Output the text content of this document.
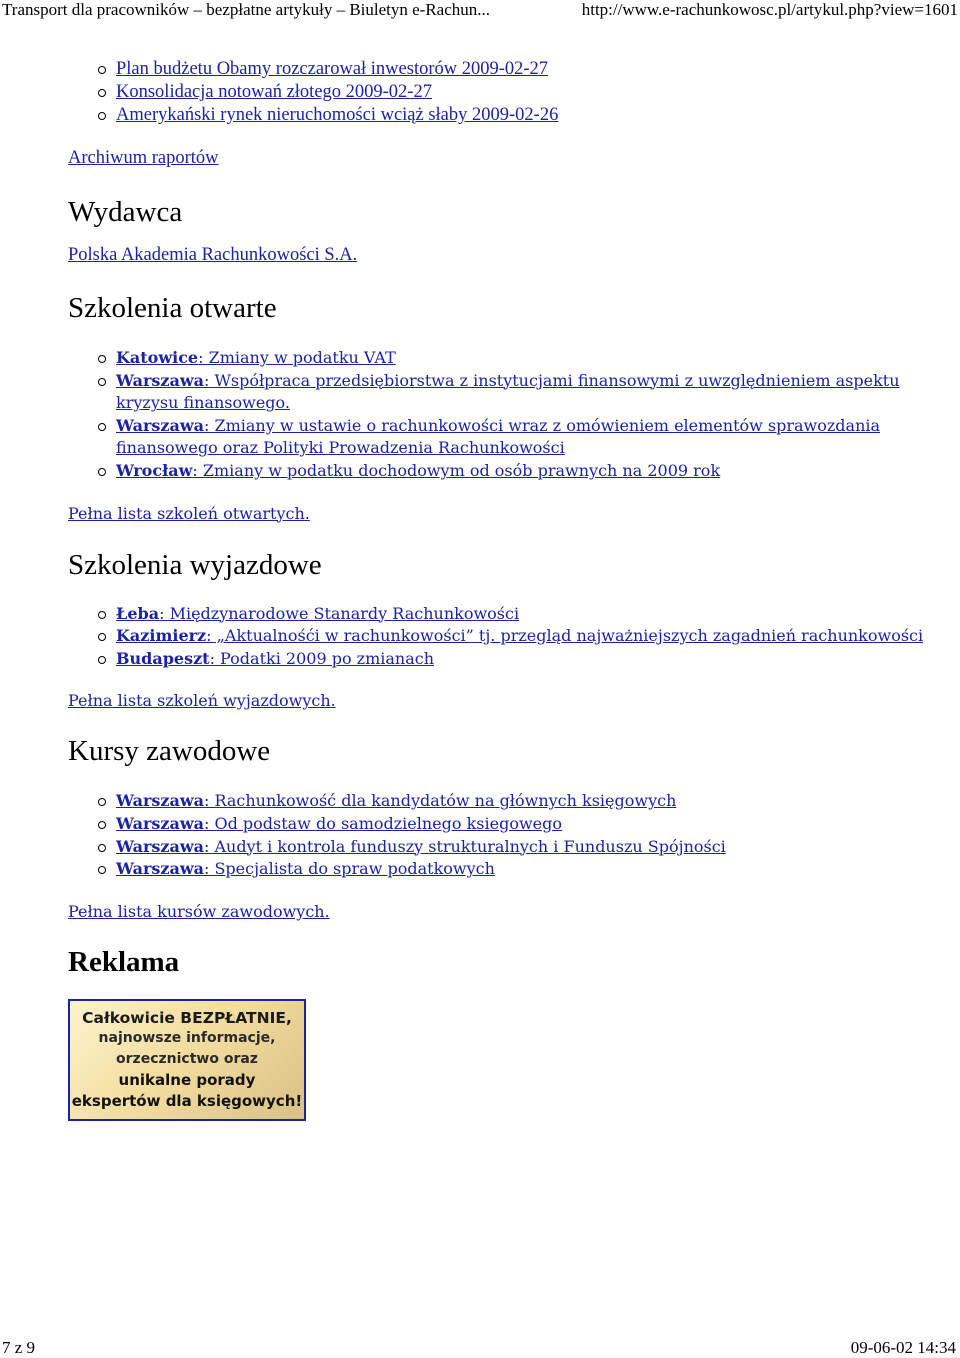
Transport dla pracowników – bezpłatne artykuły – Biuletyn e-Rachun...	http://www.e-rachunkowosc.pl/artykul.php?view=1601
Plan budżetu Obamy rozczarował inwestorów 2009-02-27
Konsolidacja notowań złotego 2009-02-27
Amerykański rynek nieruchomości wciąż słaby 2009-02-26
Archiwum raportów
Wydawca
Polska Akademia Rachunkowości S.A.
Szkolenia otwarte
Katowice: Zmiany w podatku VAT
Warszawa: Współpraca przedsiębiorstwa z instytucjami finansowymi z uwzględnieniem aspektu kryzysu finansowego.
Warszawa: Zmiany w ustawie o rachunkowości wraz z omówieniem elementów sprawozdania finansowego oraz Polityki Prowadzenia Rachunkowości
Wrocław: Zmiany w podatku dochodowym od osób prawnych na 2009 rok
Pełna lista szkoleń otwartych.
Szkolenia wyjazdowe
Łeba: Międzynarodowe Stanardy Rachunkowości
Kazimierz: „Aktualnośći w rachunkowości” tj. przegląd najważniejszych zagadnień rachunkowości
Budapeszt: Podatki 2009 po zmianach
Pełna lista szkoleń wyjazdowych.
Kursy zawodowe
Warszawa: Rachunkowość dla kandydatów na głównych księgowych
Warszawa: Od podstaw do samodzielnego ksiegowego
Warszawa: Audyt i kontrola funduszy strukturalnych i Funduszu Spójności
Warszawa: Specjalista do spraw podatkowych
Pełna lista kursów zawodowych.
Reklama
Całkowicie BEZPŁATNIE,
najnowsze informacje,
orzecznictwo oraz
unikalne porady
ekspertów dla księgowych!
7 z 9	09-06-02 14:34
